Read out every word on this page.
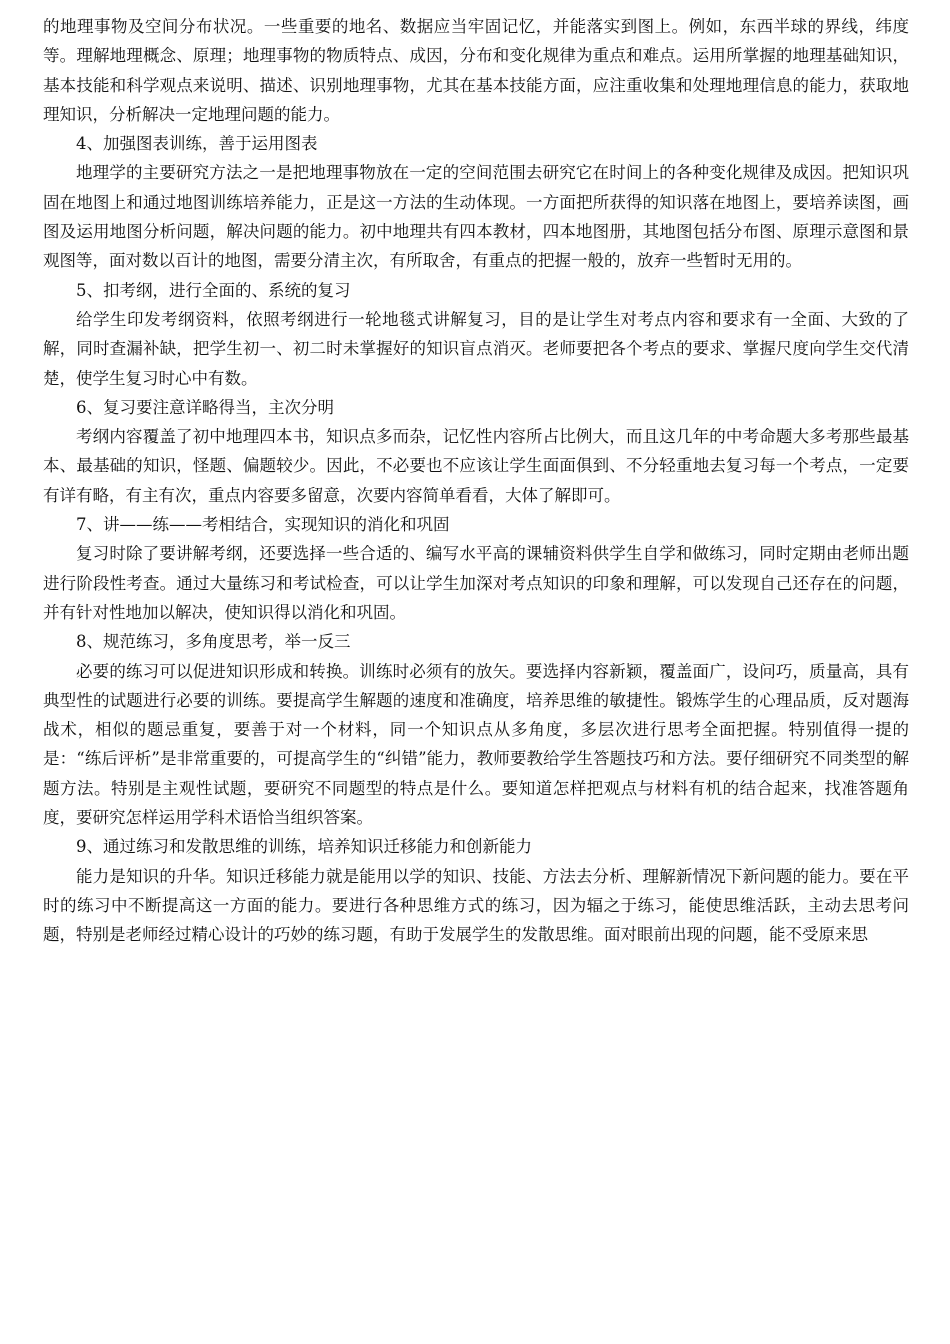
的地理事物及空间分布状况。一些重要的地名、数据应当牢固记忆，并能落实到图上。例如，东西半球的界线，纬度等。理解地理概念、原理；地理事物的物质特点、成因，分布和变化规律为重点和难点。运用所掌握的地理基础知识，基本技能和科学观点来说明、描述、识别地理事物，尤其在基本技能方面，应注重收集和处理地理信息的能力，获取地理知识，分析解决一定地理问题的能力。

4、加强图表训练，善于运用图表

地理学的主要研究方法之一是把地理事物放在一定的空间范围去研究它在时间上的各种变化规律及成因。把知识巩固在地图上和通过地图训练培养能力，正是这一方法的生动体现。一方面把所获得的知识落在地图上，要培养读图，画图及运用地图分析问题，解决问题的能力。初中地理共有四本教材，四本地图册，其地图包括分布图、原理示意图和景观图等，面对数以百计的地图，需要分清主次，有所取舍，有重点的把握一般的，放弃一些暂时无用的。

5、扣考纲，进行全面的、系统的复习

给学生印发考纲资料，依照考纲进行一轮地毯式讲解复习，目的是让学生对考点内容和要求有一全面、大致的了解，同时查漏补缺，把学生初一、初二时未掌握好的知识盲点消灭。老师要把各个考点的要求、掌握尺度向学生交代清楚，使学生复习时心中有数。

6、复习要注意详略得当，主次分明

考纲内容覆盖了初中地理四本书，知识点多而杂，记忆性内容所占比例大，而且这几年的中考命题大多考那些最基本、最基础的知识，怪题、偏题较少。因此，不必要也不应该让学生面面俱到、不分轻重地去复习每一个考点，一定要有详有略，有主有次，重点内容要多留意，次要内容简单看看，大体了解即可。

7、讲——练——考相结合，实现知识的消化和巩固

复习时除了要讲解考纲，还要选择一些合适的、编写水平高的课辅资料供学生自学和做练习，同时定期由老师出题进行阶段性考查。通过大量练习和考试检查，可以让学生加深对考点知识的印象和理解，可以发现自己还存在的问题，并有针对性地加以解决，使知识得以消化和巩固。

8、规范练习，多角度思考，举一反三

必要的练习可以促进知识形成和转换。训练时必须有的放矢。要选择内容新颖，覆盖面广，设问巧，质量高，具有典型性的试题进行必要的训练。要提高学生解题的速度和准确度，培养思维的敏捷性。锻炼学生的心理品质，反对题海战术，相似的题忌重复，要善于对一个材料，同一个知识点从多角度，多层次进行思考全面把握。特别值得一提的是：“练后评析”是非常重要的，可提高学生的“纠错”能力，教师要教给学生答题技巧和方法。要仔细研究不同类型的解题方法。特别是主观性试题，要研究不同题型的特点是什么。要知道怎样把观点与材料有机的结合起来，找准答题角度，要研究怎样运用学科术语恰当组织答案。

9、通过练习和发散思维的训练，培养知识迁移能力和创新能力

能力是知识的升华。知识迁移能力就是能用以学的知识、技能、方法去分析、理解新情况下新问题的能力。要在平时的练习中不断提高这一方面的能力。要进行各种思维方式的练习，因为辐之于练习，能使思维活跃，主动去思考问题，特别是老师经过精心设计的巧妙的练习题，有助于发展学生的发散思维。面对眼前出现的问题，能不受原来思
